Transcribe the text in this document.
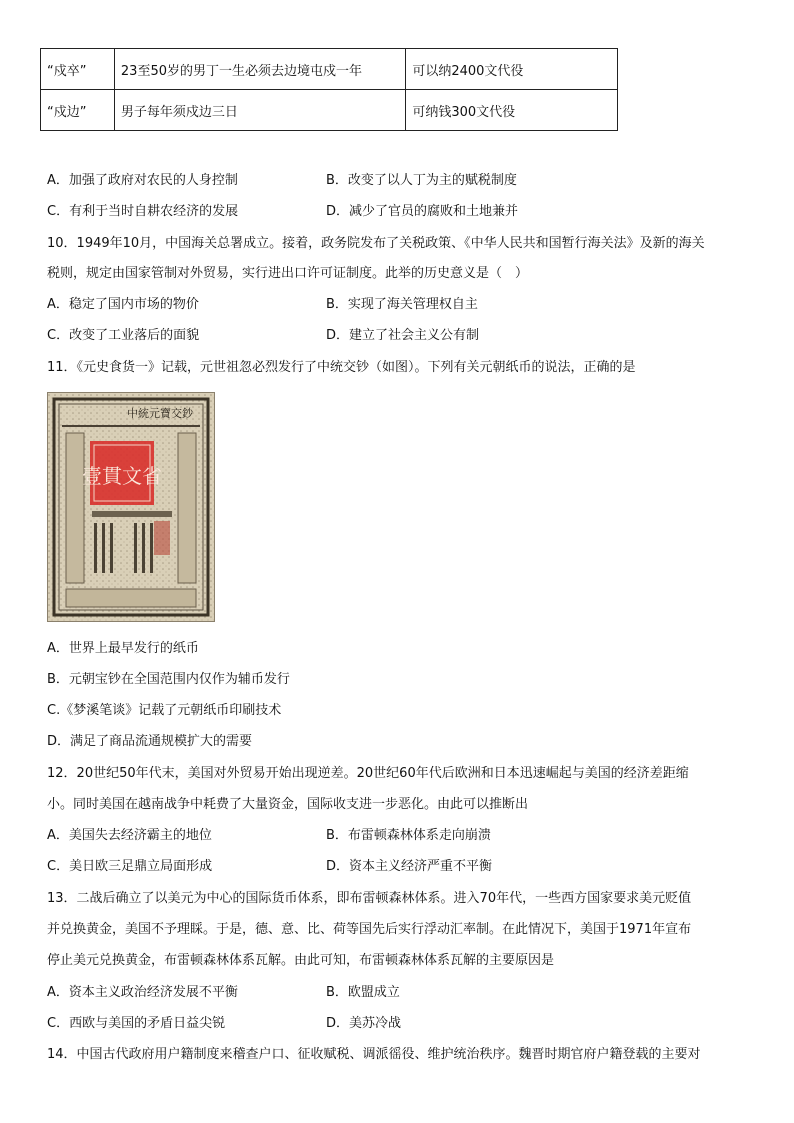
“戍卒”	23至50岁的男丁一生必须去边境屯戍一年	可以纳2400文代役
“戍边”	男子每年须戍边三日	可纳钱300文代役
A．加强了政府对农民的人身控制	B．改变了以人丁为主的赋税制度
C．有利于当时自耕农经济的发展	D．减少了官员的腐败和土地兼并
10．1949年10月，中国海关总署成立。接着，政务院发布了关税政策、《中华人民共和国暂行海关法》及新的海关
税则，规定由国家管制对外贸易，实行进出口许可证制度。此举的历史意义是（　）
A．稳定了国内市场的物价	B．实现了海关管理权自主
C．改变了工业落后的面貌	D．建立了社会主义公有制
11．《元史食货一》记载，元世祖忽必烈发行了中统交钞（如图）。下列有关元朝纸币的说法，正确的是
中統元寶交鈔
壹貫文省
A．世界上最早发行的纸币
B．元朝宝钞在全国范围内仅作为辅币发行
C.《梦溪笔谈》记载了元朝纸币印刷技术
D．满足了商品流通规模扩大的需要
12．20世纪50年代末，美国对外贸易开始出现逆差。20世纪60年代后欧洲和日本迅速崛起与美国的经济差距缩
小。同时美国在越南战争中耗费了大量资金，国际收支进一步恶化。由此可以推断出
A．美国失去经济霸主的地位	B．布雷顿森林体系走向崩溃
C．美日欧三足鼎立局面形成	D．资本主义经济严重不平衡
13．二战后确立了以美元为中心的国际货币体系，即布雷顿森林体系。进入70年代，一些西方国家要求美元贬值
并兑换黄金，美国不予理睬。于是，德、意、比、荷等国先后实行浮动汇率制。在此情况下，美国于1971年宣布
停止美元兑换黄金，布雷顿森林体系瓦解。由此可知，布雷顿森林体系瓦解的主要原因是
A．资本主义政治经济发展不平衡	B．欧盟成立
C．西欧与美国的矛盾日益尖锐	D．美苏冷战
14．中国古代政府用户籍制度来稽查户口、征收赋税、调派徭役、维护统治秩序。魏晋时期官府户籍登载的主要对
